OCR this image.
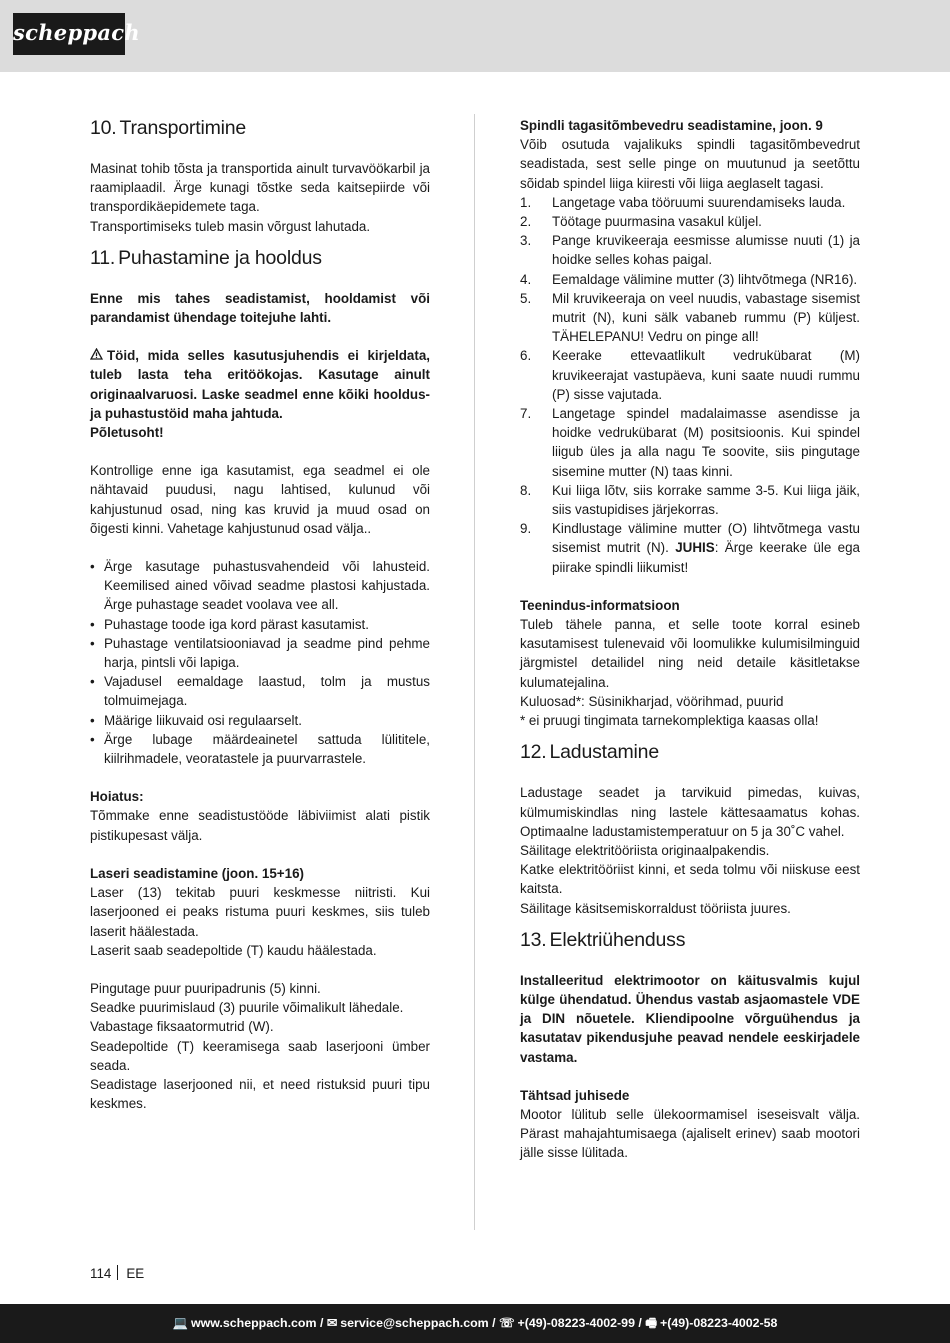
scheppach
10. Transportimine

Masinat tohib tõsta ja transportida ainult turvavöökarbil ja raamiplaadil. Ärge kunagi tõstke seda kaitsepiirde või transpordikäepidemete taga.

Transportimiseks tuleb masin võrgust lahutada.

11. Puhastamine ja hooldus

Enne mis tahes seadistamist, hooldamist või parandamist ühendage toitejuhe lahti.

Töid, mida selles kasutusjuhendis ei kirjeldata, tuleb lasta teha eritöökojas. Kasutage ainult originaalvaruosi. Laske seadmel enne kõiki hooldus- ja puhastustöid maha jahtuda.

Põletusoht!

Kontrollige enne iga kasutamist, ega seadmel ei ole nähtavaid puudusi, nagu lahtised, kulunud või kahjustunud osad, ning kas kruvid ja muud osad on õigesti kinni. Vahetage kahjustunud osad välja..

• Ärge kasutage puhastusvahendeid või lahusteid. Keemilised ained võivad seadme plastosi kahjustada. Ärge puhastage seadet voolava vee all.
• Puhastage toode iga kord pärast kasutamist.
• Puhastage ventilatsiooniavad ja seadme pind pehme harja, pintsli või lapiga.
• Vajadusel eemaldage laastud, tolm ja mustus tolmuimejaga.
• Määrige liikuvaid osi regulaarselt.
• Ärge lubage määrdeainetel sattuda lülititele, kiilrihmadele, veoratastele ja puurvarrastele.

Hoiatus:

Tõmmake enne seadistustööde läbiviimist alati pistik pistikupesast välja.

Laseri seadistamine (joon. 15+16)

Laser (13) tekitab puuri keskmesse niitristi. Kui laserjooned ei peaks ristuma puuri keskmes, siis tuleb laserit häälestada.

Laserit saab seadepoltide (T) kaudu häälestada.

Pingutage puur puuripadrunis (5) kinni.

Seadke puurimislaud (3) puurile võimalikult lähedale.

Vabastage fiksaatormutrid (W).

Seadepoltide (T) keeramisega saab laserjooni ümber seada.

Seadistage laserjooned nii, et need ristuksid puuri tipu keskmes.

Spindli tagasitõmbevedru seadistamine, joon. 9

Võib osutuda vajalikuks spindli tagasitõmbevedrut seadistada, sest selle pinge on muutunud ja seetõttu sõidab spindel liiga kiiresti või liiga aeglaselt tagasi.

1. Langetage vaba tööruumi suurendamiseks lauda.
2. Töötage puurmasina vasakul küljel.
3. Pange kruvikeeraja eesmisse alumisse nuuti (1) ja hoidke selles kohas paigal.
4. Eemaldage välimine mutter (3) lihtvõtmega (NR16).
5. Mil kruvikeeraja on veel nuudis, vabastage sisemist mutrit (N), kuni sälk vabaneb rummu (P) küljest. TÄHELEPANU! Vedru on pinge all!
6. Keerake ettevaatlikult vedrukübarat (M) kruvikeerajat vastupäeva, kuni saate nuudi rummu (P) sisse vajutada.
7. Langetage spindel madalaimasse asendisse ja hoidke vedrukübarat (M) positsioonis. Kui spindel liigub üles ja alla nagu Te soovite, siis pingutage sisemine mutter (N) taas kinni.
8. Kui liiga lõtv, siis korrake samme 3-5. Kui liiga jäik, siis vastupidises järjekorras.
9. Kindlustage välimine mutter (O) lihtvõtmega vastu sisemist mutrit (N). JUHIS: Ärge keerake üle ega piirake spindli liikumist!

Teenindus-informatsioon

Tuleb tähele panna, et selle toote korral esineb kasutamisest tulenevaid või loomulikke kulumisilminguid järgmistel detailidel ning neid detaile käsitletakse kulumatejalina.

Kuluosad*: Süsinikharjad, vöörihmad, puurid

* ei pruugi tingimata tarnekomplektiga kaasas olla!

12. Ladustamine

Ladustage seadet ja tarvikuid pimedas, kuivas, külmumiskindlas ning lastele kättesaamatus kohas. Optimaalne ladustamistemperatuur on 5 ja 30˚C vahel.

Säilitage elektritööriista originaalpakendis.

Katke elektritööriist kinni, et seda tolmu või niiskuse eest kaitsta.

Säilitage käsitsemiskorraldust tööriista juures.

13. Elektriühenduss

Installeeritud elektrimootor on käitusvalmis kujul külge ühendatud. Ühendus vastab asjaomastele VDE ja DIN nõuetele. Kliendipoolne võrguühendus ja kasutatav pikendusjuhe peavad nendele eeskirjadele vastama.

Tähtsad juhisede

Mootor lülitub selle ülekoormamisel iseseisvalt välja. Pärast mahajahtumisaega (ajaliselt erinev) saab mootori jälle sisse lülitada.

114 EE
💻 www.scheppach.com / ✉ service@scheppach.com / ☏ +(49)-08223-4002-99 / 🖷 +(49)-08223-4002-58
